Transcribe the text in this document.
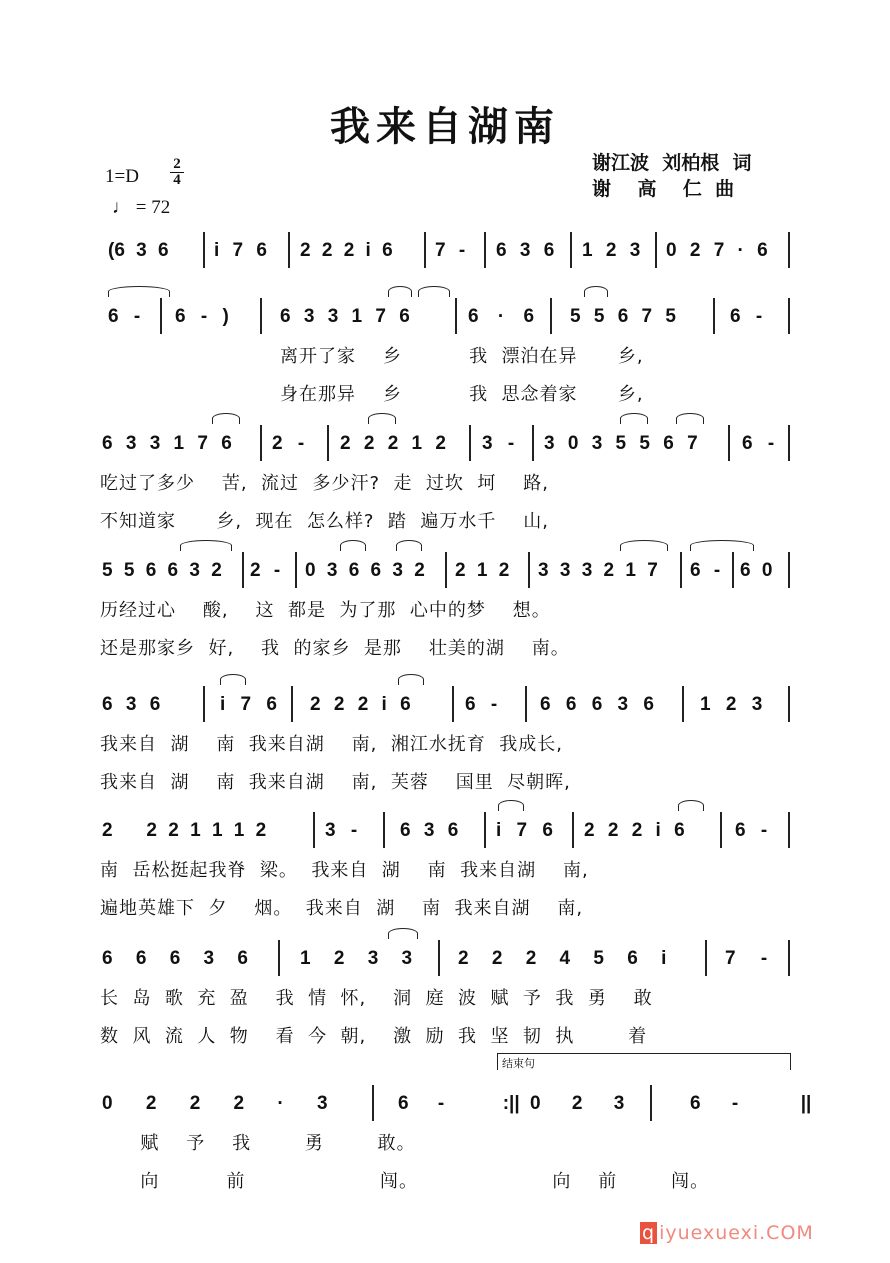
我来自湖南
谢江波  刘柏根  词
谢    高    仁  曲
1=D
2
4
♩ = 72

(6 3 6

	i 7 6

2 2 2 i 6

7 -

6 3 6

1 2 3

0 2 7 · 6

6 -

6 - )

	6 3 3 1 7 6

	6 · 6

5 5 6 7 5

	6 -

离开了家    乡          我  漂泊在异      乡,
身在那异    乡          我  思念着家      乡,

6 3 3 1 7 6

2 -

2 2 2 1 2

3 -

3 0 3 5 5 6 7

6 -

吃过了多少    苦,  流过  多少汗?  走  过坎  坷    路,
不知道家      乡,  现在  怎么样?  踏  遍万水千    山,

5 5 6 6 3 2

2 -

0 3 6 6 3 2

2 1 2

3 3 3 2 1 7

6 -

6 0

历经过心    酸,    这  都是  为了那  心中的梦    想。
还是那家乡  好,    我  的家乡  是那    壮美的湖    南。

6 3 6

	i 7 6

2 2 2 i 6

	6 -

6 6 6 3 6

1 2 3

我来自  湖    南  我来自湖    南,  湘江水抚育  我成长,
我来自  湖    南  我来自湖    南,  芙蓉    国里  尽朝晖,

2   2 2 1 1 1 2

	3 -

6 3 6

i 7 6

2 2 2 i 6

	6 -

南  岳松挺起我脊  梁。  我来自  湖    南  我来自湖    南,
遍地英雄下  夕    烟。  我来自  湖    南  我来自湖    南,

6 6 6 3 6

	1 2 3 3

2 2 2 4 5 6 i

	7 -

长  岛  歌  充  盈    我  情  怀,    洞  庭  波  赋  予  我  勇    敢
数  风  流  人  物    看  今  朝,    激  励  我  坚  韧  执        着
结束句

0 2 2 2 · 3

	6 -  :||

0 2 3

	6 -  ||

赋    予    我        勇        敢。
向          前                    闯。                    向    前        闯。
q iyuexuexi.COM
